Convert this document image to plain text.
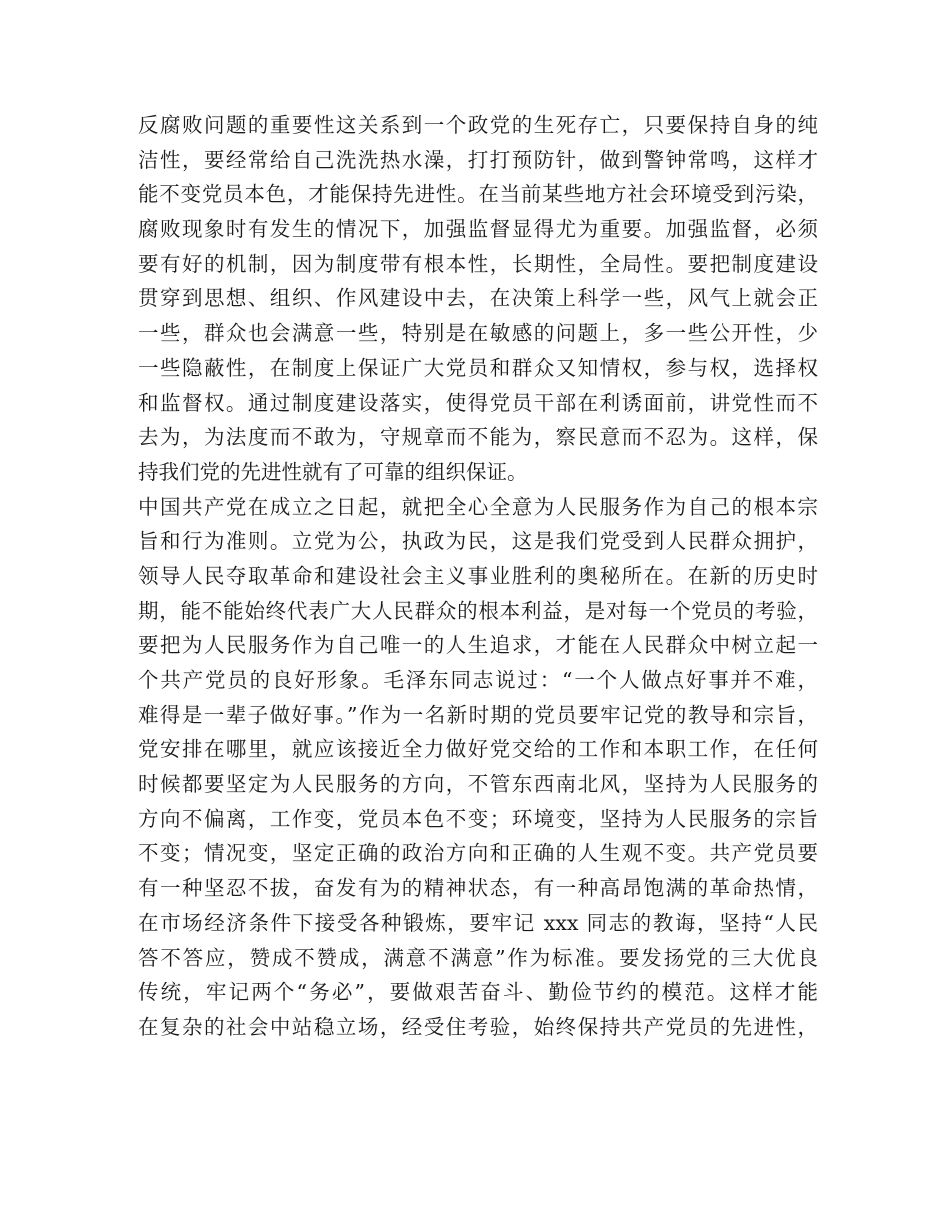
反腐败问题的重要性这关系到一个政党的生死存亡，只要保持自身的纯
洁性，要经常给自己洗洗热水澡，打打预防针，做到警钟常鸣，这样才
能不变党员本色，才能保持先进性。在当前某些地方社会环境受到污染，
腐败现象时有发生的情况下，加强监督显得尤为重要。加强监督，必须
要有好的机制，因为制度带有根本性，长期性，全局性。要把制度建设
贯穿到思想、组织、作风建设中去，在决策上科学一些，风气上就会正
一些，群众也会满意一些，特别是在敏感的问题上，多一些公开性，少
一些隐蔽性，在制度上保证广大党员和群众又知情权，参与权，选择权
和监督权。通过制度建设落实，使得党员干部在利诱面前，讲党性而不
去为，为法度而不敢为，守规章而不能为，察民意而不忍为。这样，保
持我们党的先进性就有了可靠的组织保证。
中国共产党在成立之日起，就把全心全意为人民服务作为自己的根本宗
旨和行为准则。立党为公，执政为民，这是我们党受到人民群众拥护，
领导人民夺取革命和建设社会主义事业胜利的奥秘所在。在新的历史时
期，能不能始终代表广大人民群众的根本利益，是对每一个党员的考验，
要把为人民服务作为自己唯一的人生追求，才能在人民群众中树立起一
个共产党员的良好形象。毛泽东同志说过：“一个人做点好事并不难，
难得是一辈子做好事。”作为一名新时期的党员要牢记党的教导和宗旨，
党安排在哪里，就应该接近全力做好党交给的工作和本职工作，在任何
时候都要坚定为人民服务的方向，不管东西南北风，坚持为人民服务的
方向不偏离，工作变，党员本色不变；环境变，坚持为人民服务的宗旨
不变；情况变，坚定正确的政治方向和正确的人生观不变。共产党员要
有一种坚忍不拔，奋发有为的精神状态，有一种高昂饱满的革命热情，
在市场经济条件下接受各种锻炼，要牢记 xxx 同志的教诲，坚持“人民
答不答应，赞成不赞成，满意不满意”作为标准。要发扬党的三大优良
传统，牢记两个“务必”，要做艰苦奋斗、勤俭节约的模范。这样才能
在复杂的社会中站稳立场，经受住考验，始终保持共产党员的先进性，
